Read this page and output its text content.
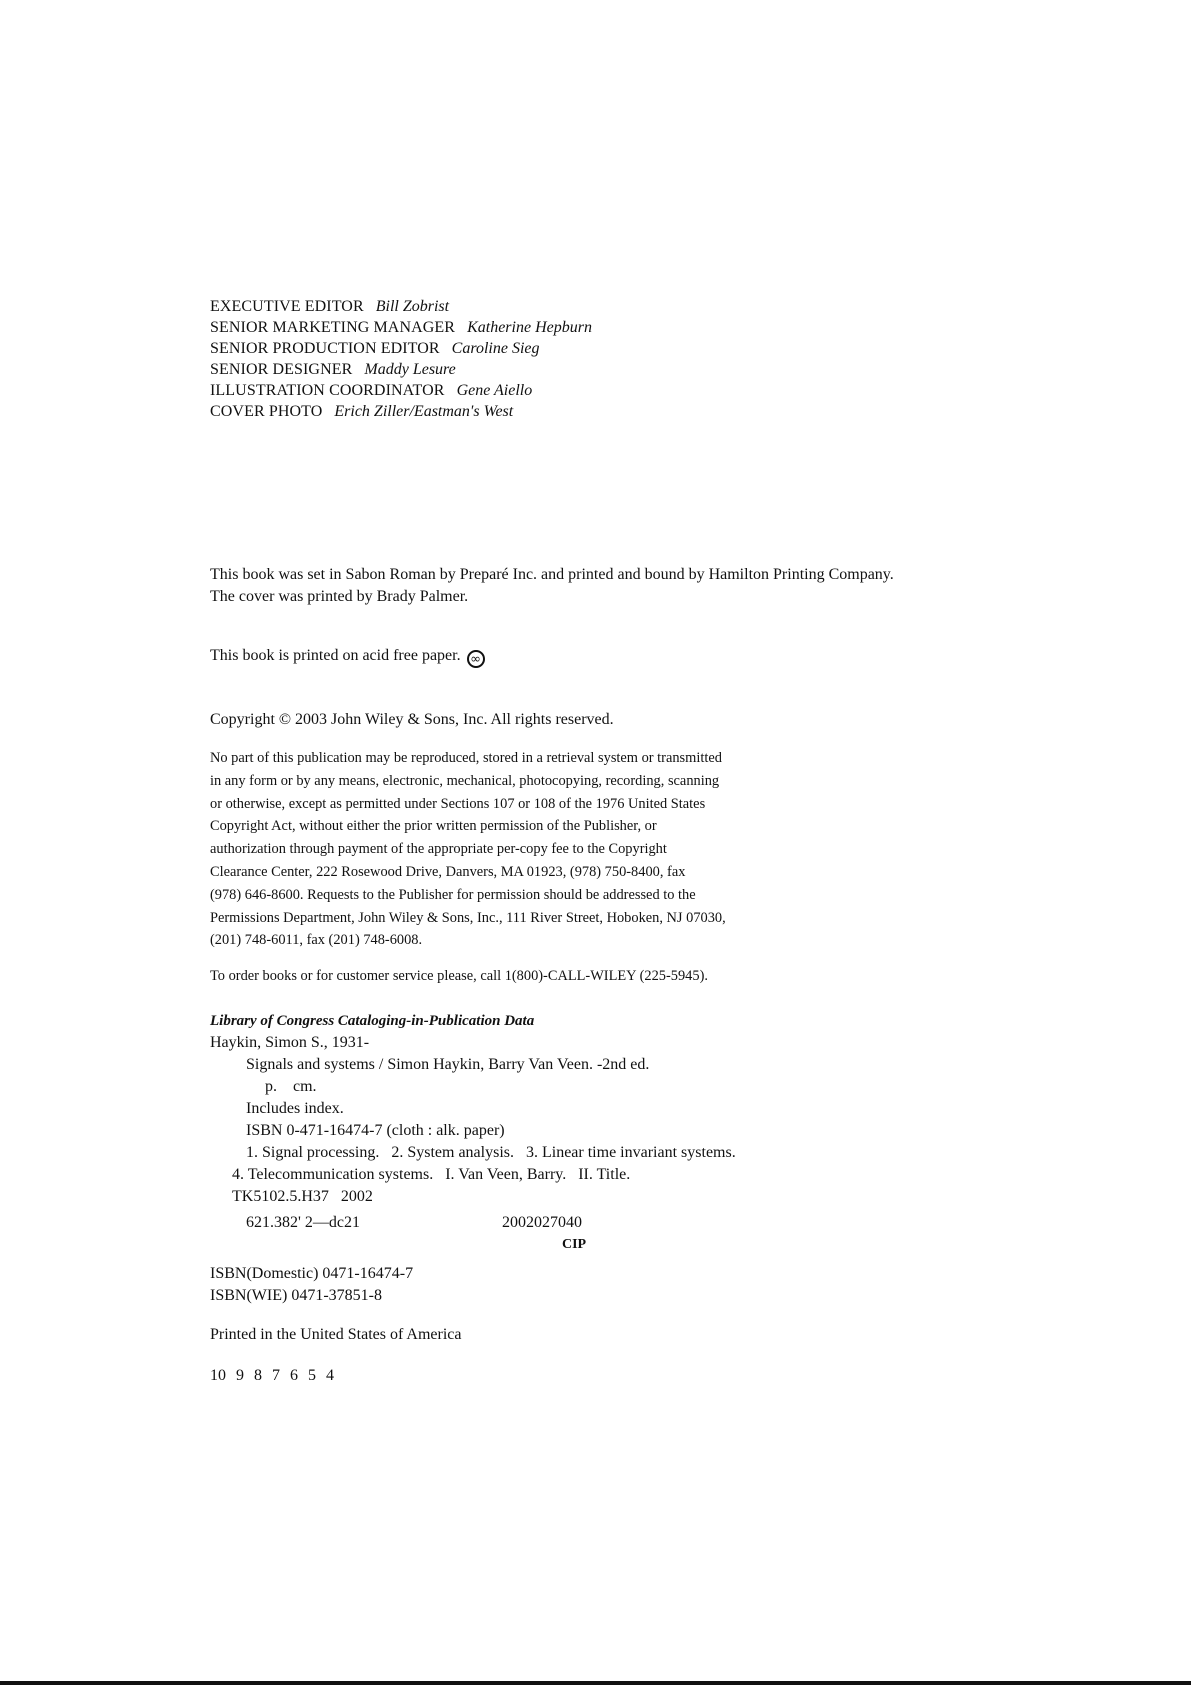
EXECUTIVE EDITOR Bill Zobrist
SENIOR MARKETING MANAGER Katherine Hepburn
SENIOR PRODUCTION EDITOR Caroline Sieg
SENIOR DESIGNER Maddy Lesure
ILLUSTRATION COORDINATOR Gene Aiello
COVER PHOTO Erich Ziller/Eastman's West
This book was set in Sabon Roman by Preparé Inc. and printed and bound by Hamilton Printing Company.
The cover was printed by Brady Palmer.
This book is printed on acid free paper. ∞
Copyright © 2003 John Wiley & Sons, Inc. All rights reserved.
No part of this publication may be reproduced, stored in a retrieval system or transmitted
in any form or by any means, electronic, mechanical, photocopying, recording, scanning
or otherwise, except as permitted under Sections 107 or 108 of the 1976 United States
Copyright Act, without either the prior written permission of the Publisher, or
authorization through payment of the appropriate per-copy fee to the Copyright
Clearance Center, 222 Rosewood Drive, Danvers, MA 01923, (978) 750-8400, fax
(978) 646-8600. Requests to the Publisher for permission should be addressed to the
Permissions Department, John Wiley & Sons, Inc., 111 River Street, Hoboken, NJ 07030,
(201) 748-6011, fax (201) 748-6008.
To order books or for customer service please, call 1(800)-CALL-WILEY (225-5945).
Library of Congress Cataloging-in-Publication Data
Haykin, Simon S., 1931-
Signals and systems / Simon Haykin, Barry Van Veen. -2nd ed.
p.    cm.
Includes index.
ISBN 0-471-16474-7 (cloth : alk. paper)
1. Signal processing.   2. System analysis.   3. Linear time invariant systems.
4. Telecommunication systems.   I. Van Veen, Barry.   II. Title.
TK5102.5.H37   2002
621.382' 2—dc21	2002027040
CIP
ISBN(Domestic) 0471-16474-7
ISBN(WIE) 0471-37851-8
Printed in the United States of America
10 9 8 7 6 5 4
